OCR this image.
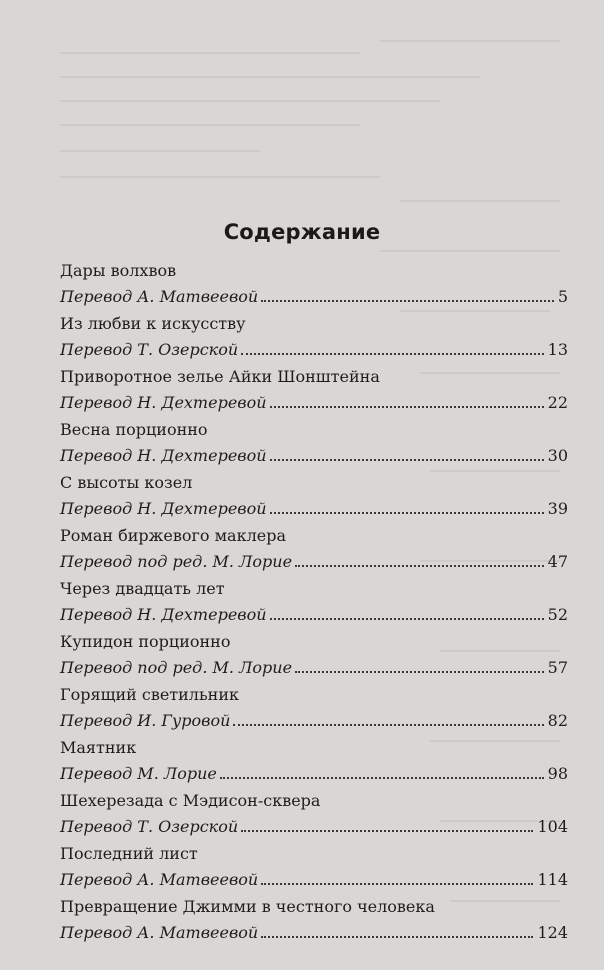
Содержание
Дары волхвов
Перевод А. Матвеевой	5
Из любви к искусству
Перевод Т. Озерской	13
Приворотное зелье Айки Шонштейна
Перевод Н. Дехтеревой	22
Весна порционно
Перевод Н. Дехтеревой	30
С высоты козел
Перевод Н. Дехтеревой	39
Роман биржевого маклера
Перевод под ред. М. Лорие	47
Через двадцать лет
Перевод Н. Дехтеревой	52
Купидон порционно
Перевод под ред. М. Лорие	57
Горящий светильник
Перевод И. Гуровой	82
Маятник
Перевод М. Лорие	98
Шехерезада с Мэдисон-сквера
Перевод Т. Озерской	104
Последний лист
Перевод А. Матвеевой	114
Превращение Джимми в честного человека
Перевод А. Матвеевой	124
